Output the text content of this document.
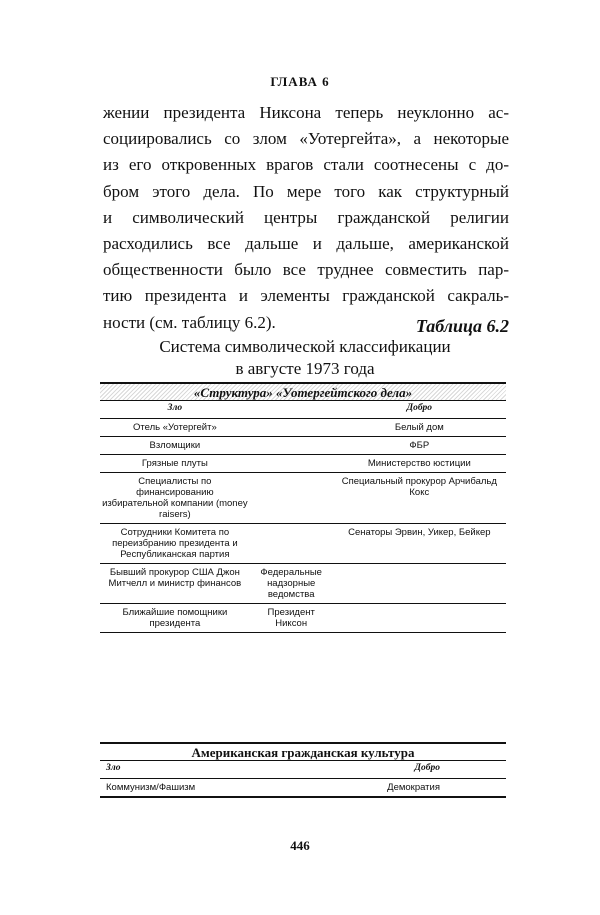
ГЛАВА 6

жении президента Никсона теперь неуклонно ас-
социировались со злом «Уотергейта», а некоторые
из его откровенных врагов стали соотнесены с до-
бром этого дела. По мере того как структурный
и символический центры гражданской религии
расходились все дальше и дальше, американской
общественности было все труднее совместить пар-
тию президента и элементы гражданской сакраль-
ности (см. таблицу 6.2).	Таблица 6.2
Система символической классификации
в августе 1973 года
«Структура» «Уотергейтского дела»		
Зло		Добро
Отель «Уотергейт»		Белый дом
Взломщики		ФБР
Грязные плуты		Министерство юстиции
Специалисты по финансированию избирательной компании (money raisers)		Специальный прокурор Арчибальд Кокс
Сотрудники Комитета по переизбранию президента и Республиканская партия		Сенаторы Эрвин, Уикер, Бейкер
Бывший прокурор США Джон Митчелл и министр финансов	Федеральные надзорные ведомства	
Ближайшие помощники президента	Президент Никсон	
Американская гражданская культура	
Зло	Добро
Коммунизм/Фашизм	Демократия
446
